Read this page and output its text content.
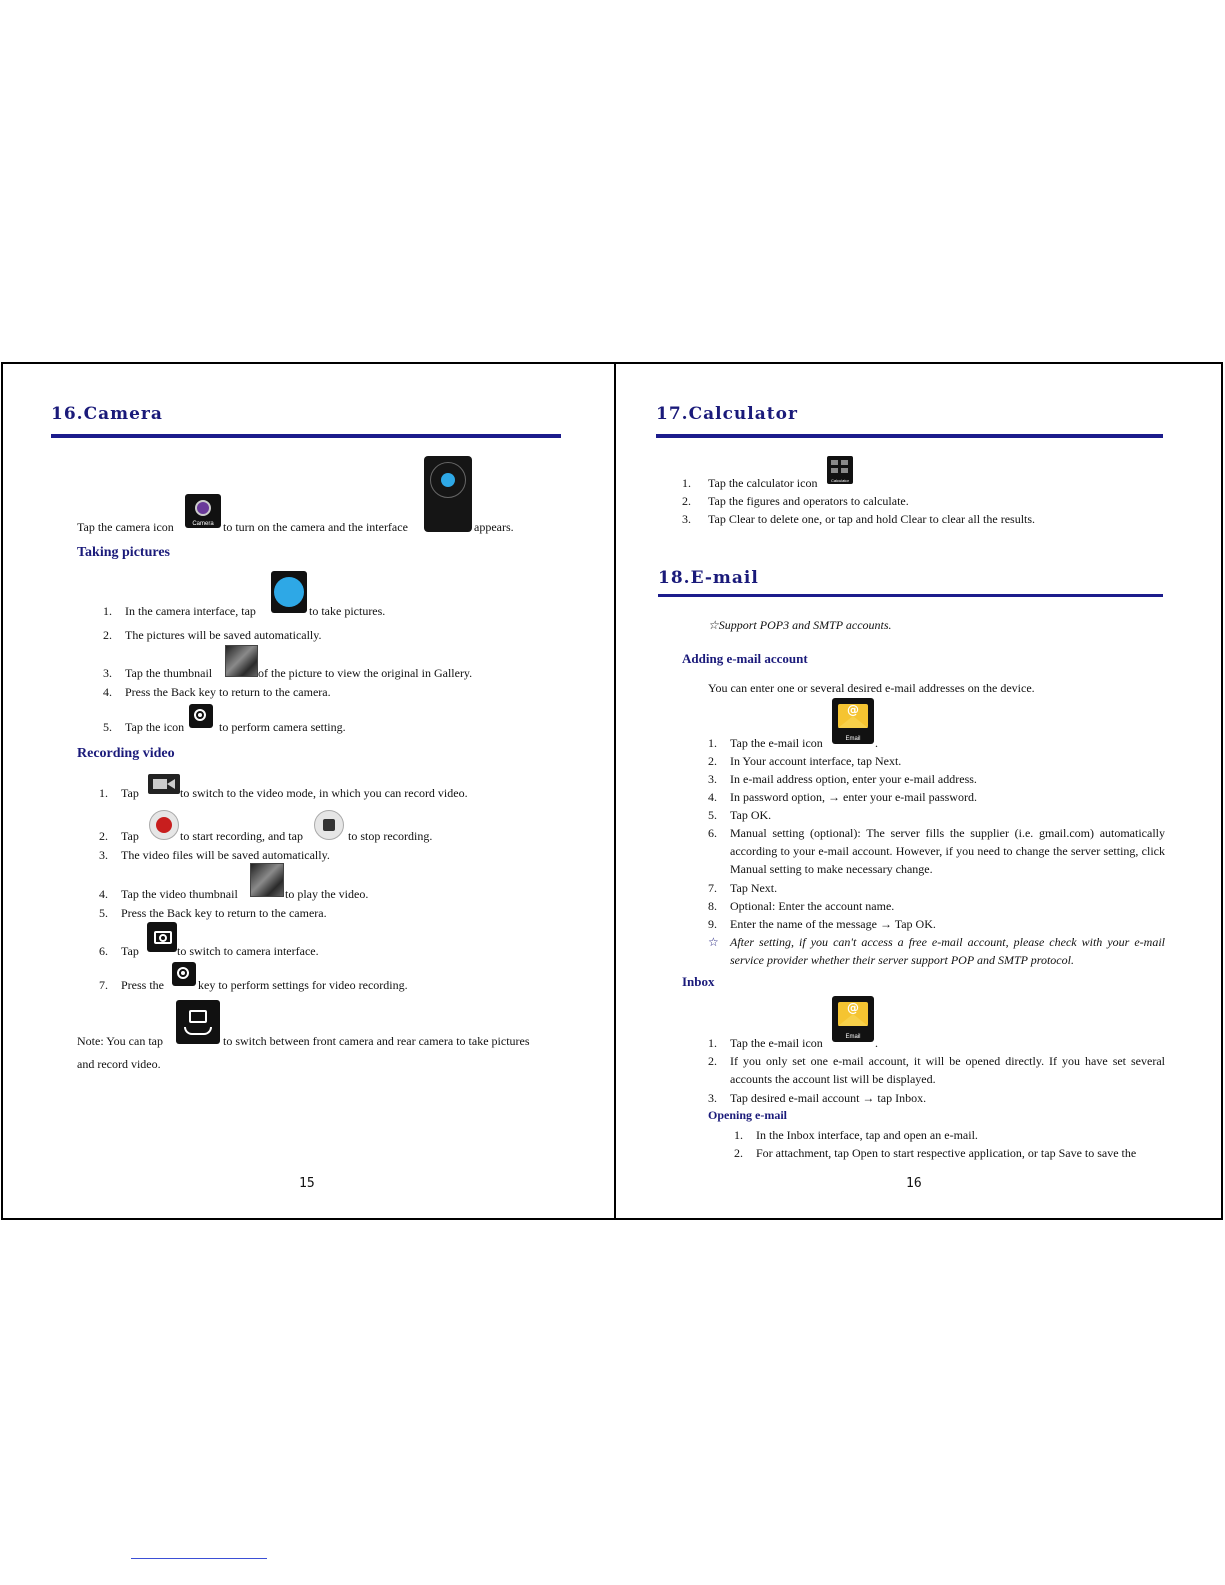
16.Camera
Tap the camera icon	Camera to turn on the camera and the interface	appears.
Taking pictures
1. In the camera interface, tap	to take pictures.
2. The pictures will be saved automatically.
3. Tap the thumbnail	of the picture to view the original in Gallery.
4. Press the Back key to return to the camera.
5. Tap the icon	to perform camera setting.
Recording video
1. Tap	to switch to the video mode, in which you can record video.
2. Tap	to start recording, and tap	to stop recording.
3. The video files will be saved automatically.
4. Tap the video thumbnail	to play the video.
5. Press the Back key to return to the camera.
6. Tap	to switch to camera interface.
7. Press the	key to perform settings for video recording.
Note: You can tap	to switch between front camera and rear camera to take pictures
and record video.
15
17.Calculator
1. Tap the calculator icon	Calculator
2. Tap the figures and operators to calculate.
3. Tap Clear to delete one, or tap and hold Clear to clear all the results.
18.E-mail
☆Support POP3 and SMTP accounts.
Adding e-mail account
You can enter one or several desired e-mail addresses on the device.
@
Email
1. Tap the e-mail icon	.
2. In Your account interface, tap Next.
3. In e-mail address option, enter your e-mail address.
4. In password option, → enter your e-mail password.
5. Tap OK.
6. Manual setting (optional): The server fills the supplier (i.e. gmail.com) automatically according to your e-mail account. However, if you need to change the server setting, click Manual setting to make necessary change.
7. Tap Next.
8. Optional: Enter the account name.
9. Enter the name of the message → Tap OK.
☆ After setting, if you can't access a free e-mail account, please check with your e-mail service provider whether their server support POP and SMTP protocol.
Inbox
@
Email
1. Tap the e-mail icon	.
2. If you only set one e-mail account, it will be opened directly. If you have set several accounts the account list will be displayed.
3. Tap desired e-mail account → tap Inbox.
Opening e-mail
1. In the Inbox interface, tap and open an e-mail.
2. For attachment, tap Open to start respective application, or tap Save to save the
16
